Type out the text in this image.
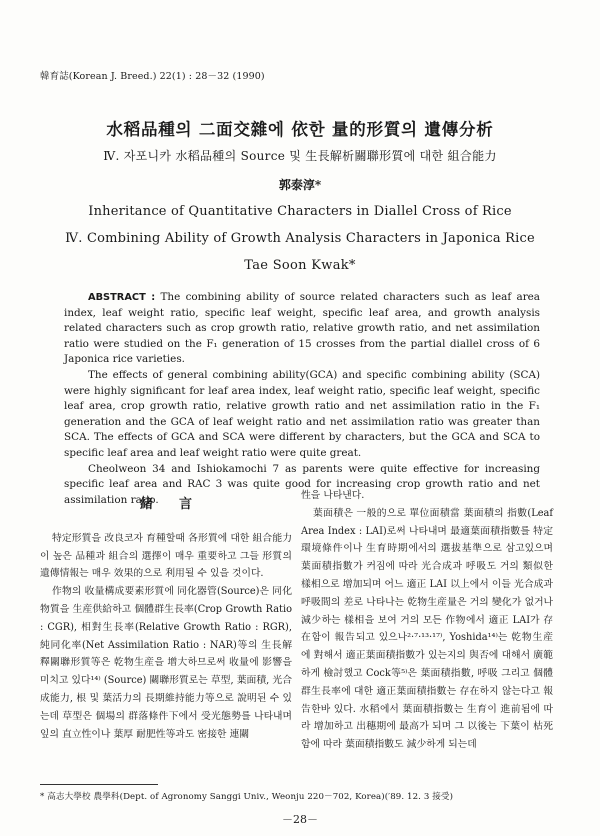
韓育誌(Korean J. Breed.) 22(1) : 28－32 (1990)
水稻品種의 二面交雜에 依한 量的形質의 遺傳分析
Ⅳ. 자포니카 水稻品種의 Source 및 生長解析關聯形質에 대한 組合能力
郭泰淳*
Inheritance of Quantitative Characters in Diallel Cross of Rice
Ⅳ. Combining Ability of Growth Analysis Characters in Japonica Rice
Tae Soon Kwak*

ABSTRACT : The combining ability of source related characters such as leaf area index, leaf weight ratio, specific leaf weight, specific leaf area, and growth analysis related characters such as crop growth ratio, relative growth ratio, and net assimilation ratio were studied on the F₁ generation of 15 crosses from the partial diallel cross of 6 Japonica rice varieties.

The effects of general combining ability(GCA) and specific combining ability (SCA) were highly significant for leaf area index, leaf weight ratio, specific leaf weight, specific leaf area, crop growth ratio, relative growth ratio and net assimilation ratio in the F₁ generation and the GCA of leaf weight ratio and net assimilation ratio was greater than SCA. The effects of GCA and SCA were different by characters, but the GCA and SCA to specific leaf area and leaf weight ratio were quite great.

Cheolweon 34 and Ishiokamochi 7 as parents were quite effective for increasing specific leaf area and RAC 3 was quite good for increasing crop growth ratio and net assimilation ratio.

緒言

特定形質을 改良코자 育種할때 各形質에 대한 組合能力이 높은 品種과 組合의 選擇이 매우 重要하고 그들 形質의 遺傳情報는 매우 效果的으로 利用될 수 있을 것이다.

作物의 收量構成要素形質에 同化器管(Source)은 同化物質을 生産供給하고 個體群生長率(Crop Growth Ratio : CGR), 相對生長率(Relative Growth Ratio : RGR), 純同化率(Net Assimilation Ratio : NAR)等의 生長解釋關聯形質等은 乾物生産을 增大하므로써 收量에 影響을 미치고 있다¹⁴⁾ (Source) 關聯形質로는 草型, 葉面積, 光合成能力, 根 및 葉活力의 長期維持能力等으로 說明된 수 있는데 草型은 個場의 群落條件下에서 受光態勢를 나타내며 잎의 直立性이나 葉厚 耐肥性等과도 密接한 連關

性을 나타낸다.

葉面積은 一般的으로 單位面積當 葉面積의 指數(Leaf Area Index : LAI)로써 나타내며 最適葉面積指數를 特定環境條件이나 生育時期에서의 選拔基準으로 삼고있으며 葉面積指數가 커짐에 따라 光合成과 呼吸도 거의 類似한 樣相으로 增加되며 어느 適正 LAI 以上에서 이들 光合成과 呼吸間의 差로 나타나는 乾物生産量은 거의 變化가 없거나 減少하는 樣相을 보여 거의 모든 作物에서 適正 LAI가 存在함이 報告되고 있으나²·⁷·¹³·¹⁷⁾, Yoshida¹⁴⁾는 乾物生産에 對해서 適正葉面積指數가 있는지의 與否에 대해서 廣範하게 檢討했고 Cock等⁵⁾은 葉面積指數, 呼吸 그리고 個體群生長率에 대한 適正葉面積指數는 存在하지 않는다고 報告한바 있다. 水稻에서 葉面積指數는 生育이 進前됨에 따라 增加하고 出穗期에 最高가 되며 그 以後는 下葉이 枯死함에 따라 葉面積指數도 減少하게 되는데

* 高志大學校 農學科(Dept. of Agronomy Sanggi Univ., Weonju 220－702, Korea)(′89. 12. 3 接受)
－28－
